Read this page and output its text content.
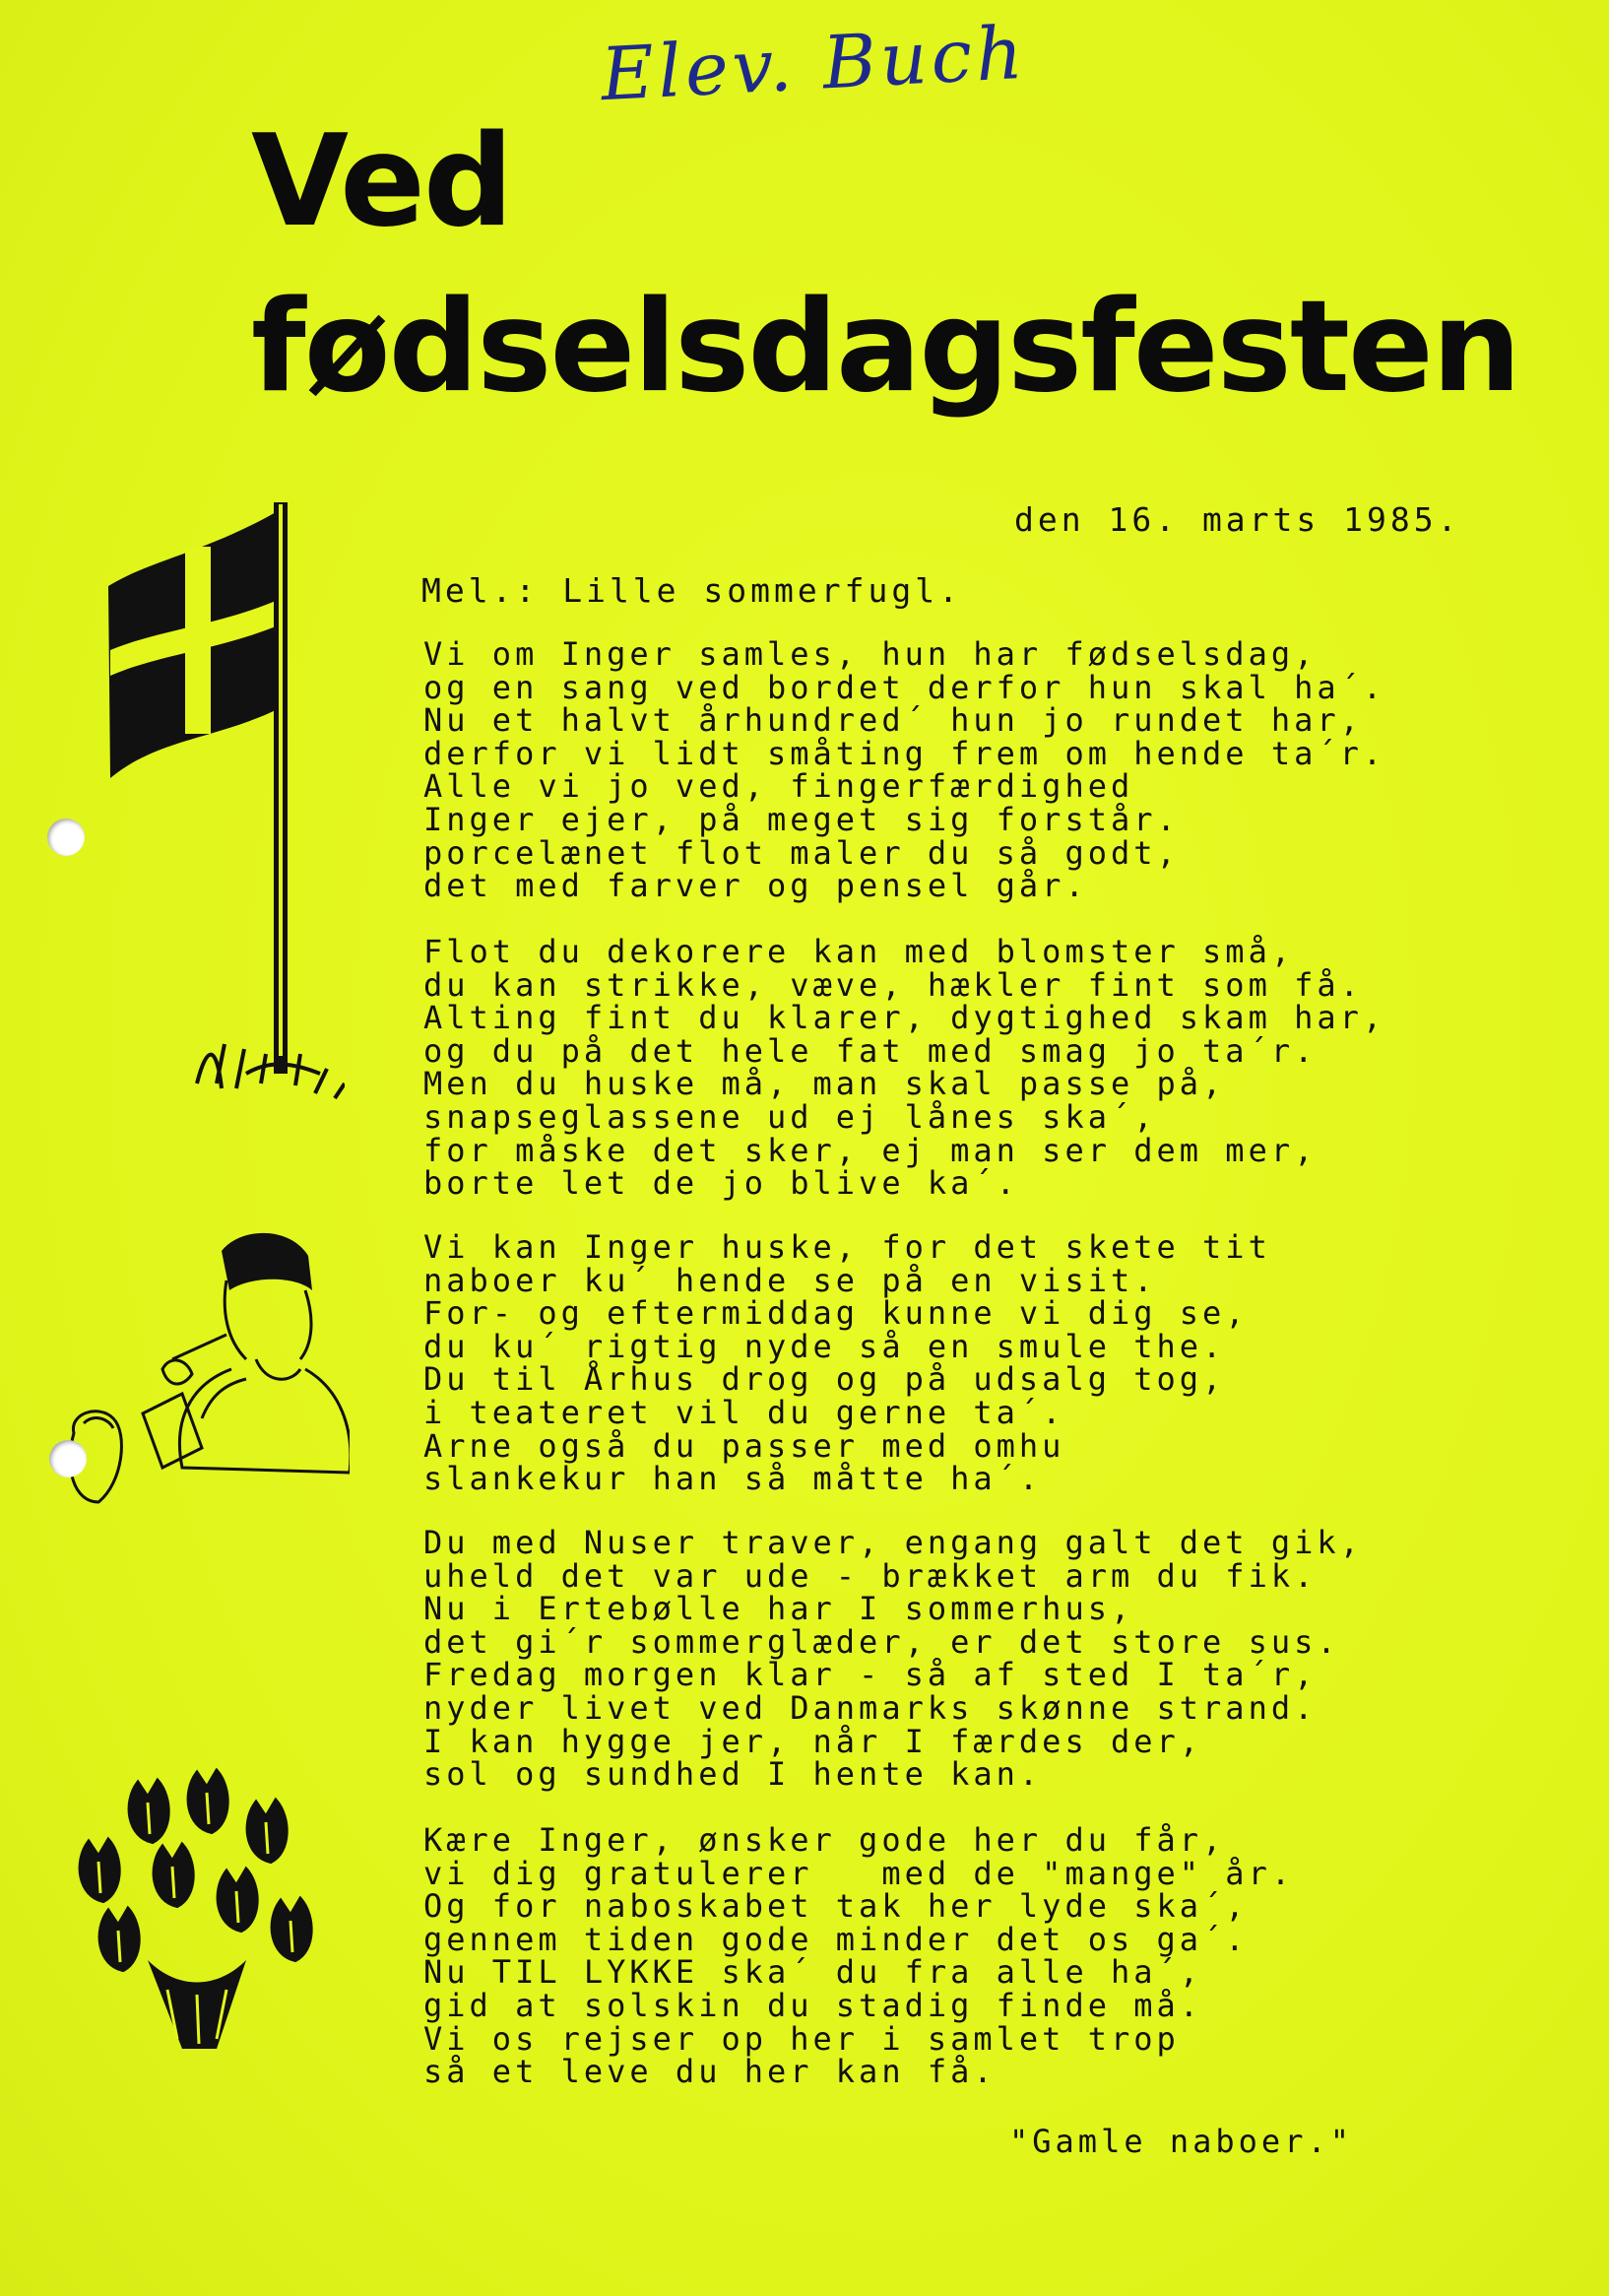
Elev. Buch
Ved
fødselsdagsfesten
den 16. marts 1985.
Mel.: Lille sommerfugl.
Vi om Inger samles, hun har fødselsdag,
og en sang ved bordet derfor hun skal ha´.
Nu et halvt århundred´ hun jo rundet har,
derfor vi lidt småting frem om hende ta´r.
Alle vi jo ved, fingerfærdighed
Inger ejer, på meget sig forstår.
porcelænet flot maler du så godt,
det med farver og pensel går.
Flot du dekorere kan med blomster små,
du kan strikke, væve, hækler fint som få.
Alting fint du klarer, dygtighed skam har,
og du på det hele fat med smag jo ta´r.
Men du huske må, man skal passe på,
snapseglassene ud ej lånes ska´,
for måske det sker, ej man ser dem mer,
borte let de jo blive ka´.
Vi kan Inger huske, for det skete tit
naboer ku´ hende se på en visit.
For- og eftermiddag kunne vi dig se,
du ku´ rigtig nyde så en smule the.
Du til Århus drog og på udsalg tog,
i teateret vil du gerne ta´.
Arne også du passer med omhu
slankekur han så måtte ha´.
Du med Nuser traver, engang galt det gik,
uheld det var ude - brækket arm du fik.
Nu i Ertebølle har I sommerhus,
det gi´r sommerglæder, er det store sus.
Fredag morgen klar - så af sted I ta´r,
nyder livet ved Danmarks skønne strand.
I kan hygge jer, når I færdes der,
sol og sundhed I hente kan.
Kære Inger, ønsker gode her du får,
vi dig gratulerer   med de "mange" år.
Og for naboskabet tak her lyde ska´,
gennem tiden gode minder det os ga´.
Nu TIL LYKKE ska´ du fra alle ha´,
gid at solskin du stadig finde må.
Vi os rejser op her i samlet trop
så et leve du her kan få.
"Gamle naboer."
